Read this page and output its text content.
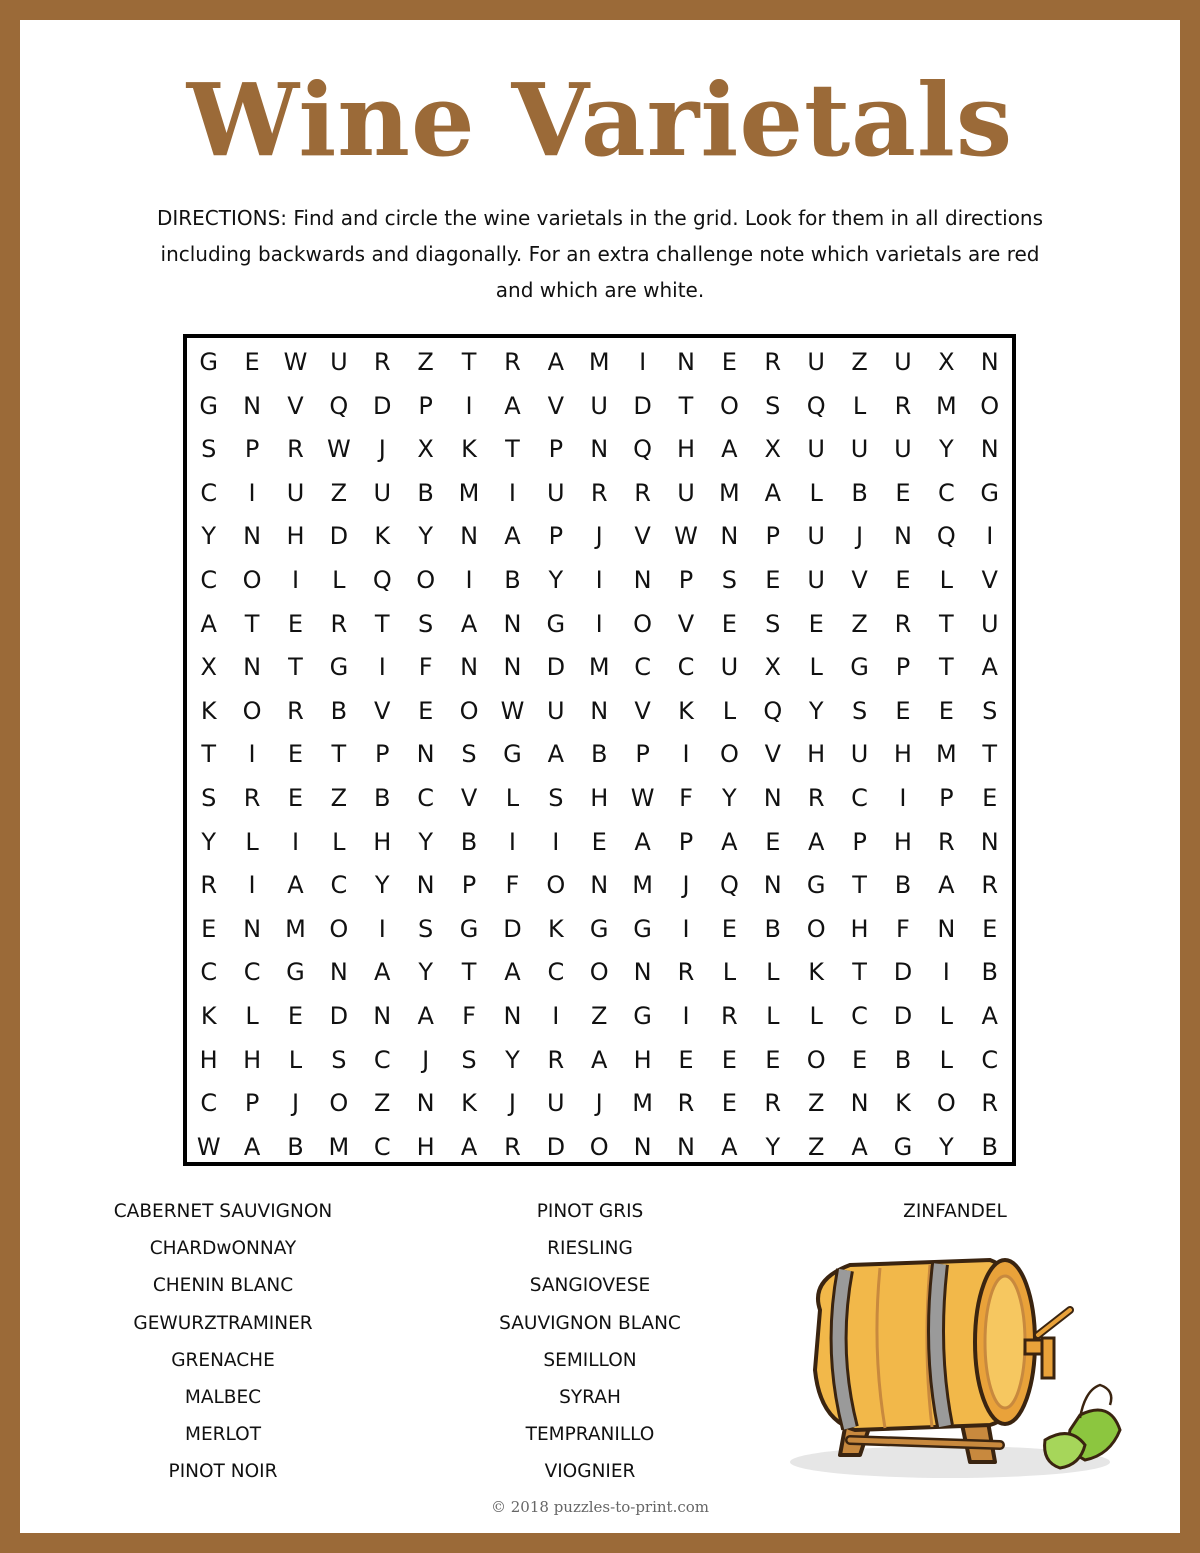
Wine Varietals
DIRECTIONS: Find and circle the wine varietals in the grid. Look for them in all directions including backwards and diagonally. For an extra challenge note which varietals are red and which are white.
G E W U R Z T R A M I N E R U Z U X N
G N V Q D P I A V U D T O S Q L R M O
S P R W J X K T P N Q H A X U U U Y N
C I U Z U B M I U R R U M A L B E C G
Y N H D K Y N A P J V W N P U J N Q I
C O I L Q O I B Y I N P S E U V E L V
A T E R T S A N G I O V E S E Z R T U
X N T G I F N N D M C C U X L G P T A
K O R B V E O W U N V K L Q Y S E E S
T I E T P N S G A B P I O V H U H M T
S R E Z B C V L S H W F Y N R C I P E
Y L I L H Y B I I E A P A E A P H R N
R I A C Y N P F O N M J Q N G T B A R
E N M O I S G D K G G I E B O H F N E
C C G N A Y T A C O N R L L K T D I B
K L E D N A F N I Z G I R L L C D L A
H H L S C J S Y R A H E E E O E B L C
C P J O Z N K J U J M R E R Z N K O R
W A B M C H A R D O N N A Y Z A G Y B
CABERNET SAUVIGNON
CHARDwONNAY
CHENIN BLANC
GEWURZTRAMINER
GRENACHE
MALBEC
MERLOT
PINOT NOIR
PINOT GRIS
RIESLING
SANGIOVESE
SAUVIGNON BLANC
SEMILLON
SYRAH
TEMPRANILLO
VIOGNIER
ZINFANDEL
© 2018 puzzles-to-print.com
